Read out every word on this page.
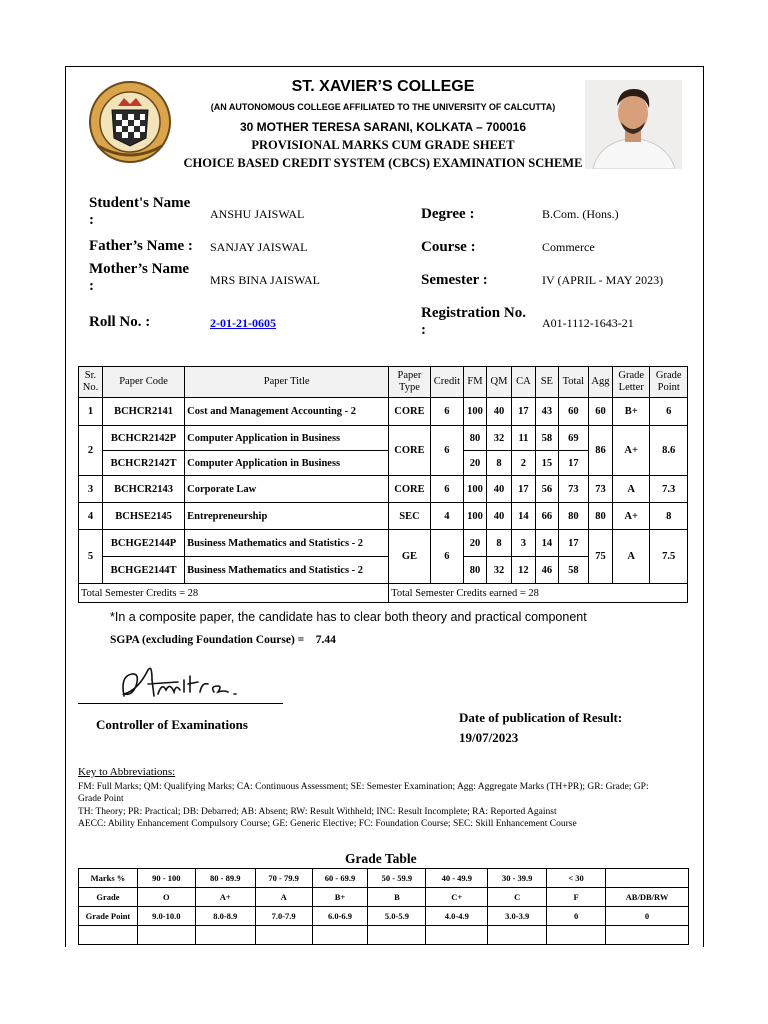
ST. XAVIER’S COLLEGE
(AN AUTONOMOUS COLLEGE AFFILIATED TO THE UNIVERSITY OF CALCUTTA)
30 MOTHER TERESA SARANI, KOLKATA – 700016
PROVISIONAL MARKS CUM GRADE SHEET
CHOICE BASED CREDIT SYSTEM (CBCS) EXAMINATION SCHEME
Student's Name
:	ANSHU JAISWAL
Father’s Name : SANJAY JAISWAL
Mother’s Name
:	MRS BINA JAISWAL
Roll No. :	2-01-21-0605
Degree :	B.Com. (Hons.)
Course :	Commerce
Semester :	IV (APRIL - MAY 2023)
Registration No.
:	A01-1112-1643-21
Sr.
No.	Paper Code	Paper Title	Paper
Type	Credit	FM	QM	CA	SE	Total	Agg	Grade
Letter	Grade
Point
1	BCHCR2141	Cost and Management Accounting - 2	CORE	6	100	40	17	43	60	60	B+	6
2	BCHCR2142P	Computer Application in Business	CORE	6	80	32	11	58	69	86	A+	8.6
	BCHCR2142T	Computer Application in Business			20	8	2	15	17			
3	BCHCR2143	Corporate Law	CORE	6	100	40	17	56	73	73	A	7.3
4	BCHSE2145	Entrepreneurship	SEC	4	100	40	14	66	80	80	A+	8
5	BCHGE2144P	Business Mathematics and Statistics - 2	GE	6	20	8	3	14	17	75	A	7.5
	BCHGE2144T	Business Mathematics and Statistics - 2			80	32	12	46	58			
Total Semester Credits = 28			Total Semester Credits earned = 28									
*In a composite paper, the candidate has to clear both theory and practical component
SGPA (excluding Foundation Course) = 7.44
Controller of Examinations	Date of publication of Result:
19/07/2023
Key to Abbreviations:
FM: Full Marks; QM: Qualifying Marks; CA: Continuous Assessment; SE: Semester Examination; Agg: Aggregate Marks (TH+PR); GR: Grade; GP: Grade Point
TH: Theory; PR: Practical; DB: Debarred; AB: Absent; RW: Result Withheld; INC: Result Incomplete; RA: Reported Against
AECC: Ability Enhancement Compulsory Course; GE: Generic Elective; FC: Foundation Course; SEC: Skill Enhancement Course
Grade Table
Marks %	90 - 100	80 - 89.9	70 - 79.9	60 - 69.9	50 - 59.9	40 - 49.9	30 - 39.9	< 30	
Grade	O	A+	A	B+	B	C+	C	F	AB/DB/RW
Grade Point	9.0-10.0	8.0-8.9	7.0-7.9	6.0-6.9	5.0-5.9	4.0-4.9	3.0-3.9	0	0
